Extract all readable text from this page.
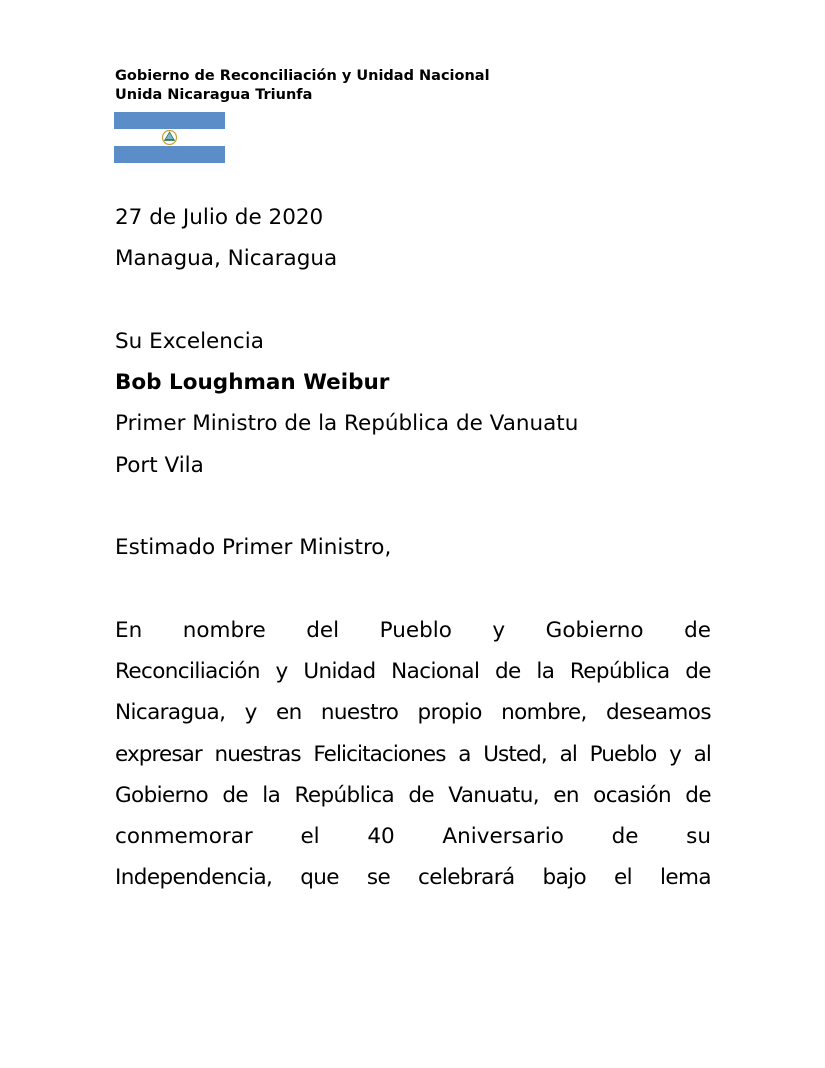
Gobierno de Reconciliación y Unidad Nacional
Unida Nicaragua Triunfa
27 de Julio de 2020
Managua, Nicaragua
Su Excelencia
Bob Loughman Weibur
Primer Ministro de la República de Vanuatu
Port Vila
Estimado Primer Ministro,
En nombre del Pueblo y Gobierno de
Reconciliación y Unidad Nacional de la República de
Nicaragua, y en nuestro propio nombre, deseamos
expresar nuestras Felicitaciones a Usted, al Pueblo y al
Gobierno de la República de Vanuatu, en ocasión de
conmemorar el 40 Aniversario de su
Independencia, que se celebrará bajo el lema
